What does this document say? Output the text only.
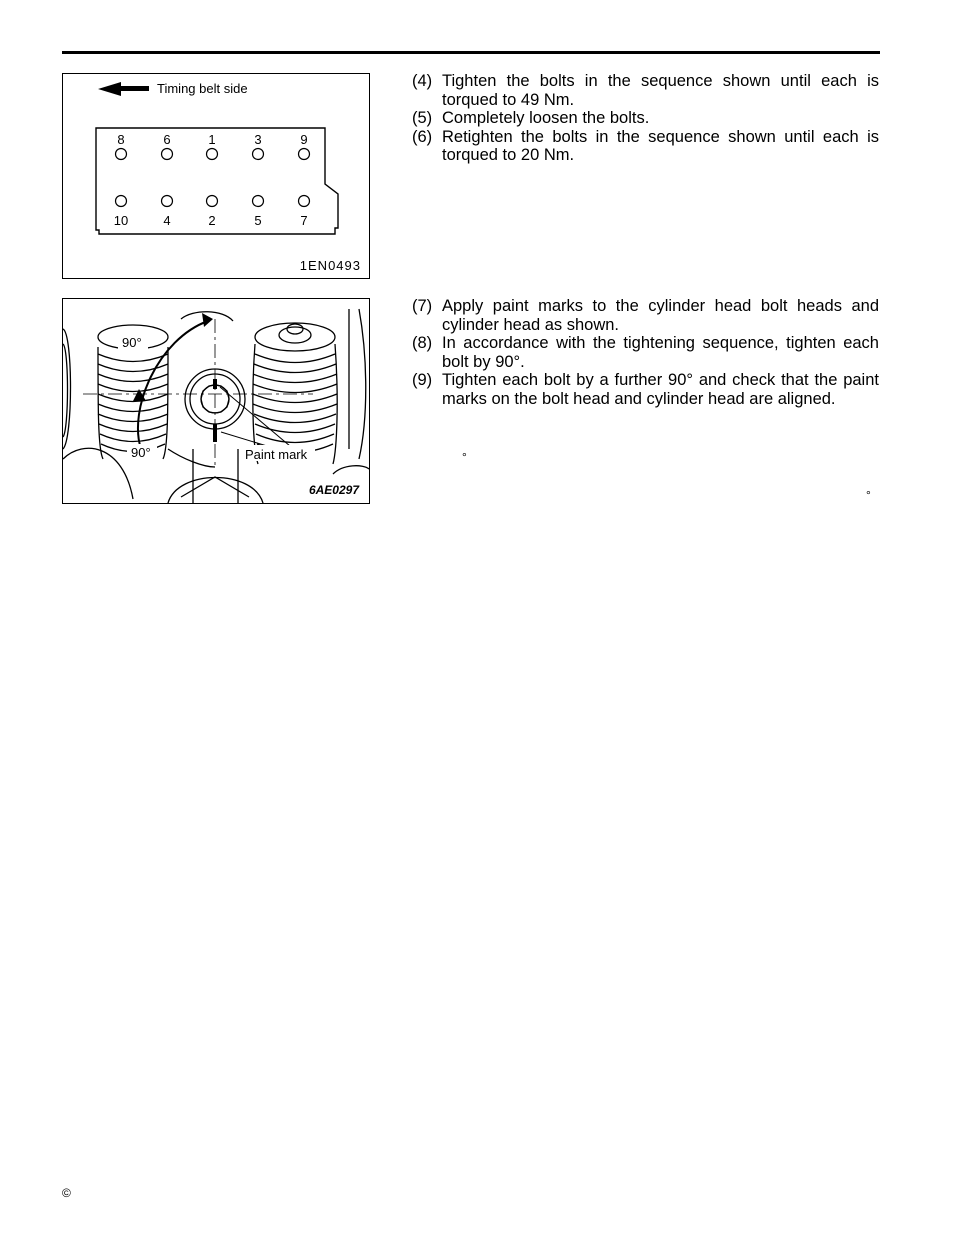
Timing belt side
8	6	1	3	9
10	4	2	5	7
1EN0493
(4) Tighten the bolts in the sequence shown until each is torqued to 49 Nm.
(5) Completely loosen the bolts.
(6) Retighten the bolts in the sequence shown until each is torqued to 20 Nm.
90°
90°	Paint mark
6AE0297
(7) Apply paint marks to the cylinder head bolt heads and cylinder head as shown.
(8) In accordance with the tightening sequence, tighten each bolt by 90°.
(9) Tighten each bolt by a further 90° and check that the paint marks on the bolt head and cylinder head are aligned.
°
°
©
